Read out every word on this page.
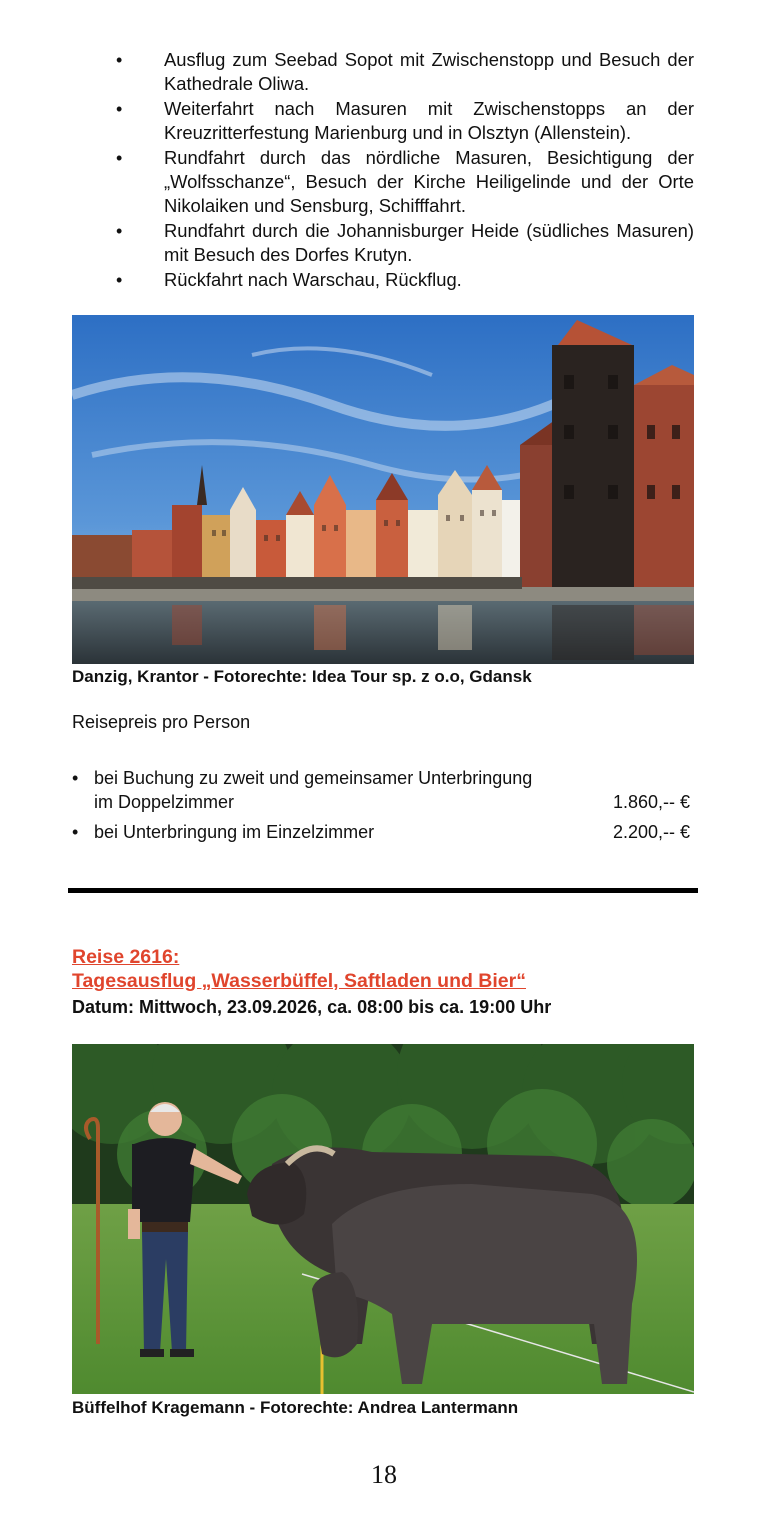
• Ausflug zum Seebad Sopot mit Zwischenstopp und Besuch der Kathedrale Oliwa.
• Weiterfahrt nach Masuren mit Zwischenstopps an der Kreuzritterfestung Marienburg und in Olsztyn (Allenstein).
• Rundfahrt durch das nördliche Masuren, Besichtigung der „Wolfsschanze“, Besuch der Kirche Heiligelinde und der Orte Nikolaiken und Sensburg, Schifffahrt.
• Rundfahrt durch die Johannisburger Heide (südliches Masuren) mit Besuch des Dorfes Krutyn.
• Rückfahrt nach Warschau, Rückflug.
Danzig, Krantor - Fotorechte: Idea Tour sp. z o.o, Gdansk
Reisepreis pro Person
• bei Buchung zu zweit und gemeinsamer Unterbringung
im Doppelzimmer	1.860,-- €
• bei Unterbringung im Einzelzimmer	2.200,-- €
Reise 2616:
Tagesausflug „Wasserbüffel, Saftladen und Bier“
Datum: Mittwoch, 23.09.2026, ca. 08:00 bis ca. 19:00 Uhr
Büffelhof Kragemann - Fotorechte: Andrea Lantermann
18
